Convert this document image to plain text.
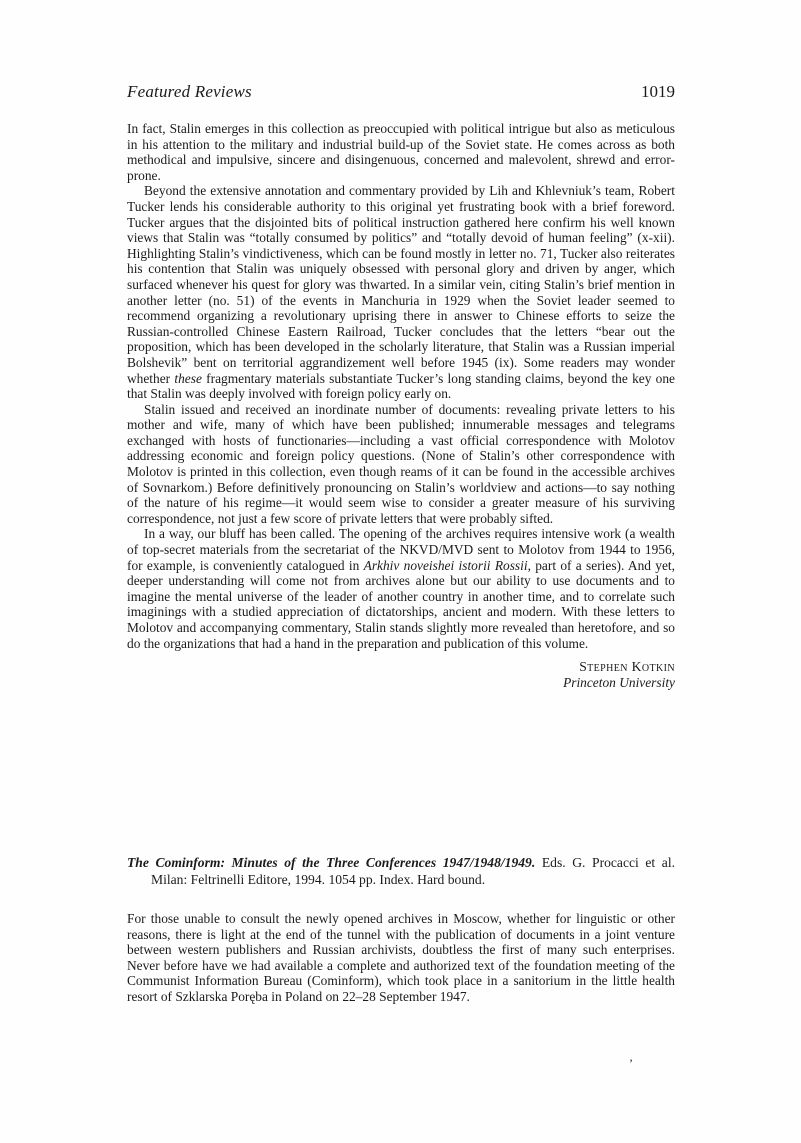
Featured Reviews	1019

In fact, Stalin emerges in this collection as preoccupied with political intrigue but also as meticulous in his attention to the military and industrial build-up of the Soviet state. He comes across as both methodical and impulsive, sincere and disingenuous, concerned and malevolent, shrewd and error-prone.

Beyond the extensive annotation and commentary provided by Lih and Khlevniuk’s team, Robert Tucker lends his considerable authority to this original yet frustrating book with a brief foreword. Tucker argues that the disjointed bits of political instruction gathered here confirm his well known views that Stalin was “totally consumed by politics” and “totally devoid of human feeling” (x-xii). Highlighting Stalin’s vindictiveness, which can be found mostly in letter no. 71, Tucker also reiterates his contention that Stalin was uniquely obsessed with personal glory and driven by anger, which surfaced whenever his quest for glory was thwarted. In a similar vein, citing Stalin’s brief mention in another letter (no. 51) of the events in Manchuria in 1929 when the Soviet leader seemed to recommend organizing a revolutionary uprising there in answer to Chinese efforts to seize the Russian-controlled Chinese Eastern Railroad, Tucker concludes that the letters “bear out the proposition, which has been developed in the scholarly literature, that Stalin was a Russian imperial Bolshevik” bent on territorial aggrandizement well before 1945 (ix). Some readers may wonder whether these fragmentary materials substantiate Tucker’s long standing claims, beyond the key one that Stalin was deeply involved with foreign policy early on.

Stalin issued and received an inordinate number of documents: revealing private letters to his mother and wife, many of which have been published; innumerable messages and telegrams exchanged with hosts of functionaries—including a vast official correspondence with Molotov addressing economic and foreign policy questions. (None of Stalin’s other correspondence with Molotov is printed in this collection, even though reams of it can be found in the accessible archives of Sovnarkom.) Before definitively pronouncing on Stalin’s worldview and actions—to say nothing of the nature of his regime—it would seem wise to consider a greater measure of his surviving correspondence, not just a few score of private letters that were probably sifted.

In a way, our bluff has been called. The opening of the archives requires intensive work (a wealth of top-secret materials from the secretariat of the NKVD/MVD sent to Molotov from 1944 to 1956, for example, is conveniently catalogued in Arkhiv noveishei istorii Rossii, part of a series). And yet, deeper understanding will come not from archives alone but our ability to use documents and to imagine the mental universe of the leader of another country in another time, and to correlate such imaginings with a studied appreciation of dictatorships, ancient and modern. With these letters to Molotov and accompanying commentary, Stalin stands slightly more revealed than heretofore, and so do the organizations that had a hand in the preparation and publication of this volume.

Stephen Kotkin
Princeton University

The Cominform: Minutes of the Three Conferences 1947/1948/1949. Eds. G. Procacci et al. Milan: Feltrinelli Editore, 1994. 1054 pp. Index. Hard bound.

For those unable to consult the newly opened archives in Moscow, whether for linguistic or other reasons, there is light at the end of the tunnel with the publication of documents in a joint venture between western publishers and Russian archivists, doubtless the first of many such enterprises. Never before have we had available a complete and authorized text of the foundation meeting of the Communist Information Bureau (Cominform), which took place in a sanitorium in the little health resort of Szklarska Poręba in Poland on 22–28 September 1947.

’
